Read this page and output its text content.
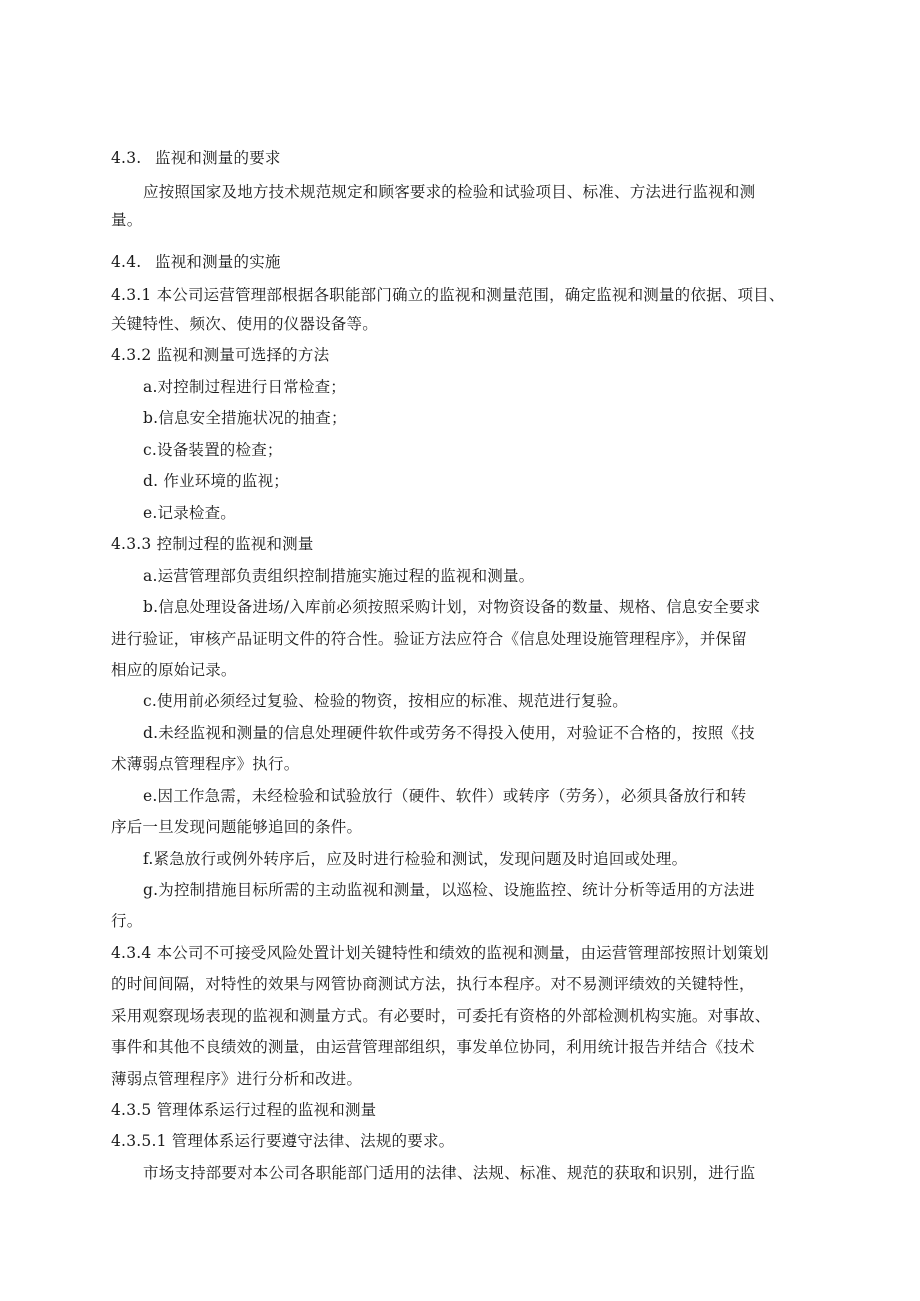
4.3. 监视和测量的要求
应按照国家及地方技术规范规定和顾客要求的检验和试验项目、标准、方法进行监视和测
量。
4.4. 监视和测量的实施
4.3.1 本公司运营管理部根据各职能部门确立的监视和测量范围，确定监视和测量的依据、项目、
关键特性、频次、使用的仪器设备等。
4.3.2 监视和测量可选择的方法
a.对控制过程进行日常检查；
b.信息安全措施状况的抽查；
c.设备装置的检查；
d. 作业环境的监视；
e.记录检查。
4.3.3 控制过程的监视和测量
a.运营管理部负责组织控制措施实施过程的监视和测量。
b.信息处理设备进场/入库前必须按照采购计划，对物资设备的数量、规格、信息安全要求
进行验证，审核产品证明文件的符合性。验证方法应符合《信息处理设施管理程序》，并保留
相应的原始记录。
c.使用前必须经过复验、检验的物资，按相应的标准、规范进行复验。
d.未经监视和测量的信息处理硬件软件或劳务不得投入使用，对验证不合格的，按照《技
术薄弱点管理程序》执行。
e.因工作急需，未经检验和试验放行（硬件、软件）或转序（劳务），必须具备放行和转
序后一旦发现问题能够追回的条件。
f.紧急放行或例外转序后，应及时进行检验和测试，发现问题及时追回或处理。
g.为控制措施目标所需的主动监视和测量，以巡检、设施监控、统计分析等适用的方法进
行。
4.3.4 本公司不可接受风险处置计划关键特性和绩效的监视和测量，由运营管理部按照计划策划
的时间间隔，对特性的效果与网管协商测试方法，执行本程序。对不易测评绩效的关键特性，
采用观察现场表现的监视和测量方式。有必要时，可委托有资格的外部检测机构实施。对事故、
事件和其他不良绩效的测量，由运营管理部组织，事发单位协同，利用统计报告并结合《技术
薄弱点管理程序》进行分析和改进。
4.3.5 管理体系运行过程的监视和测量
4.3.5.1 管理体系运行要遵守法律、法规的要求。
市场支持部要对本公司各职能部门适用的法律、法规、标准、规范的获取和识别，进行监
